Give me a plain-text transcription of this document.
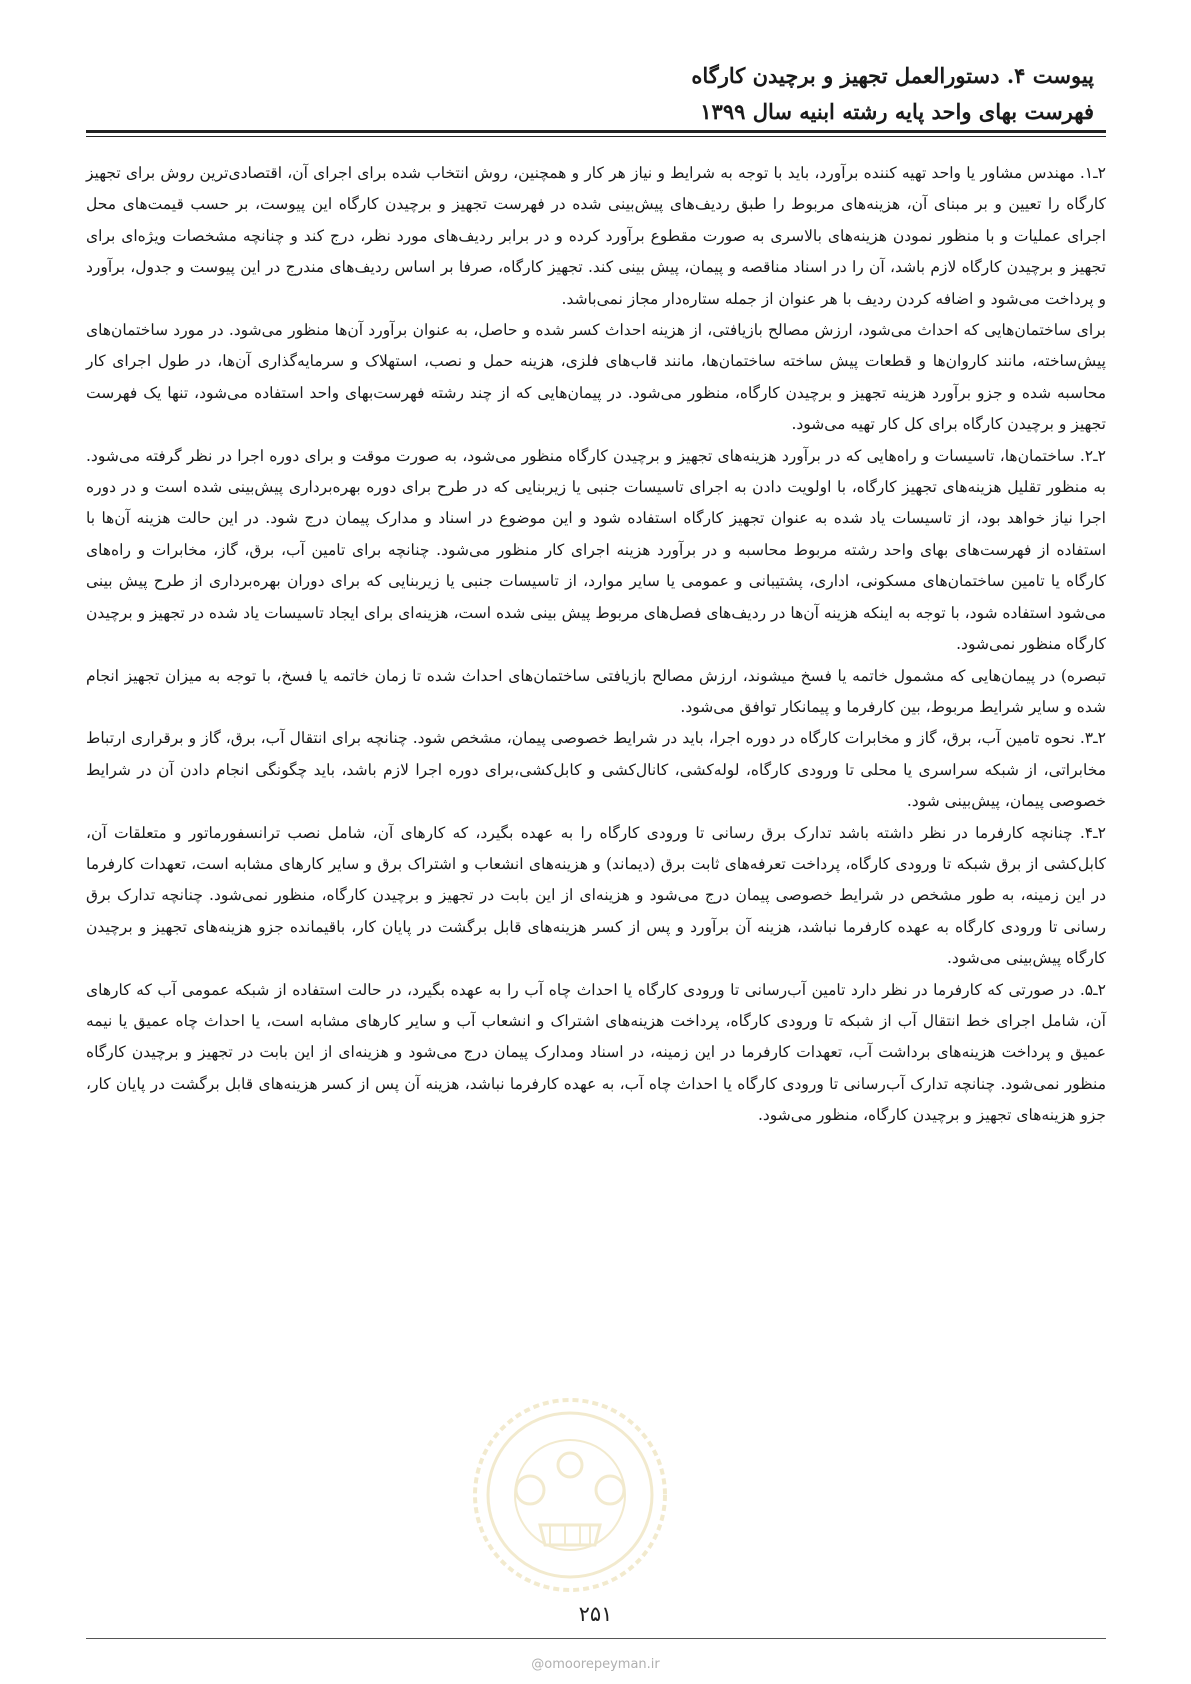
پیوست ۴. دستورالعمل تجهیز و برچیدن کارگاه
فهرست بهای واحد پایه رشته ابنیه سال ۱۳۹۹

۲ـ۱. مهندس مشاور یا واحد تهیه کننده برآورد، باید با توجه به شرایط و نیاز هر کار و همچنین، روش انتخاب شده برای اجرای آن، اقتصادی‌ترین روش برای تجهیز کارگاه را تعیین و بر مبنای آن، هزینه‌های مربوط را طبق ردیف‌های پیش‌بینی شده در فهرست تجهیز و برچیدن کارگاه این پیوست، بر حسب قیمت‌های محل اجرای عملیات و با منظور نمودن هزینه‌های بالاسری به صورت مقطوع برآورد کرده و در برابر ردیف‌های مورد نظر، درج کند و چنانچه مشخصات ویژه‌ای برای تجهیز و برچیدن کارگاه لازم باشد، آن را در اسناد مناقصه و پیمان، پیش بینی کند. تجهیز کارگاه، صرفا بر اساس ردیف‌های مندرج در این پیوست و جدول، برآورد و پرداخت می‌شود و اضافه کردن ردیف با هر عنوان از جمله ستاره‌دار مجاز نمی‌باشد.

برای ساختمان‌هایی که احداث می‌شود، ارزش مصالح بازیافتی، از هزینه احداث کسر شده و حاصل، به عنوان برآورد آن‌ها منظور می‌شود. در مورد ساختمان‌های پیش‌ساخته، مانند کاروان‌ها و قطعات پیش ساخته ساختمان‌ها، مانند قاب‌های فلزی، هزینه حمل و نصب، استهلاک و سرمایه‌گذاری آن‌ها، در طول اجرای کار محاسبه شده و جزو برآورد هزینه تجهیز و برچیدن کارگاه، منظور می‌شود. در پیمان‌هایی که از چند رشته فهرست‌بهای واحد استفاده می‌شود، تنها یک فهرست تجهیز و برچیدن کارگاه برای کل کار تهیه می‌شود.

۲ـ۲. ساختمان‌ها، تاسیسات و راه‌هایی که در برآورد هزینه‌های تجهیز و برچیدن کارگاه منظور می‌شود، به صورت موقت و برای دوره اجرا در نظر گرفته می‌شود. به منظور تقلیل هزینه‌های تجهیز کارگاه، با اولویت دادن به اجرای تاسیسات جنبی یا زیربنایی که در طرح برای دوره بهره‌برداری پیش‌بینی شده است و در دوره اجرا نیاز خواهد بود، از تاسیسات یاد شده به عنوان تجهیز کارگاه استفاده شود و این موضوع در اسناد و مدارک پیمان درج شود. در این حالت هزینه آن‌ها با استفاده از فهرست‌های بهای واحد رشته مربوط محاسبه و در برآورد هزینه اجرای کار منظور می‌شود. چنانچه برای تامین آب، برق، گاز، مخابرات و راه‌های کارگاه یا تامین ساختمان‌های مسکونی، اداری، پشتیبانی و عمومی یا سایر موارد، از تاسیسات جنبی یا زیربنایی که برای دوران بهره‌برداری از طرح پیش بینی می‌شود استفاده شود، با توجه به اینکه هزینه آن‌ها در ردیف‌های فصل‌های مربوط پیش بینی شده است، هزینه‌ای برای ایجاد تاسیسات یاد شده در تجهیز و برچیدن کارگاه منظور نمی‌شود.

تبصره) در پیمان‌هایی که مشمول خاتمه یا فسخ میشوند، ارزش مصالح بازیافتی ساختمان‌های احداث شده تا زمان خاتمه یا فسخ، با توجه به میزان تجهیز انجام شده و سایر شرایط مربوط، بین کارفرما و پیمانکار توافق می‌شود.

۲ـ۳. نحوه تامین آب، برق، گاز و مخابرات کارگاه در دوره اجرا، باید در شرایط خصوصی پیمان، مشخص شود. چنانچه برای انتقال آب، برق، گاز و برقراری ارتباط مخابراتی، از شبکه سراسری یا محلی تا ورودی کارگاه، لوله‌کشی، کانال‌کشی و کابل‌کشی،برای دوره اجرا لازم باشد، باید چگونگی انجام دادن آن در شرایط خصوصی پیمان، پیش‌بینی شود.

۲ـ۴. چنانچه کارفرما در نظر داشته باشد تدارک برق رسانی تا ورودی کارگاه را به عهده بگیرد، که کارهای آن، شامل نصب ترانسفورماتور و متعلقات آن، کابل‌کشی از برق شبکه تا ورودی کارگاه، پرداخت تعرفه‌های ثابت برق (دیماند) و هزینه‌های انشعاب و اشتراک برق و سایر کارهای مشابه است، تعهدات کارفرما در این زمینه، به طور مشخص در شرایط خصوصی پیمان درج می‌شود و هزینه‌ای از این بابت در تجهیز و برچیدن کارگاه، منظور نمی‌شود. چنانچه تدارک برق رسانی تا ورودی کارگاه به عهده کارفرما نباشد، هزینه آن برآورد و پس از کسر هزینه‌های قابل برگشت در پایان کار، باقیمانده جزو هزینه‌های تجهیز و برچیدن کارگاه پیش‌بینی می‌شود.

۲ـ۵. در صورتی که کارفرما در نظر دارد تامین آب‌رسانی تا ورودی کارگاه یا احداث چاه آب را به عهده بگیرد، در حالت استفاده از شبکه عمومی آب که کارهای آن، شامل اجرای خط انتقال آب از شبکه تا ورودی کارگاه، پرداخت هزینه‌های اشتراک و انشعاب آب و سایر کارهای مشابه است، یا احداث چاه عمیق یا نیمه عمیق و پرداخت هزینه‌های برداشت آب، تعهدات کارفرما در این زمینه، در اسناد ومدارک پیمان درج می‌شود و هزینه‌ای از این بابت در تجهیز و برچیدن کارگاه منظور نمی‌شود. چنانچه تدارک آب‌رسانی تا ورودی کارگاه یا احداث چاه آب، به عهده کارفرما نباشد، هزینه آن پس از کسر هزینه‌های قابل برگشت در پایان کار، جزو هزینه‌های تجهیز و برچیدن کارگاه، منظور می‌شود.

۲۵۱
@omoorepeyman.ir
